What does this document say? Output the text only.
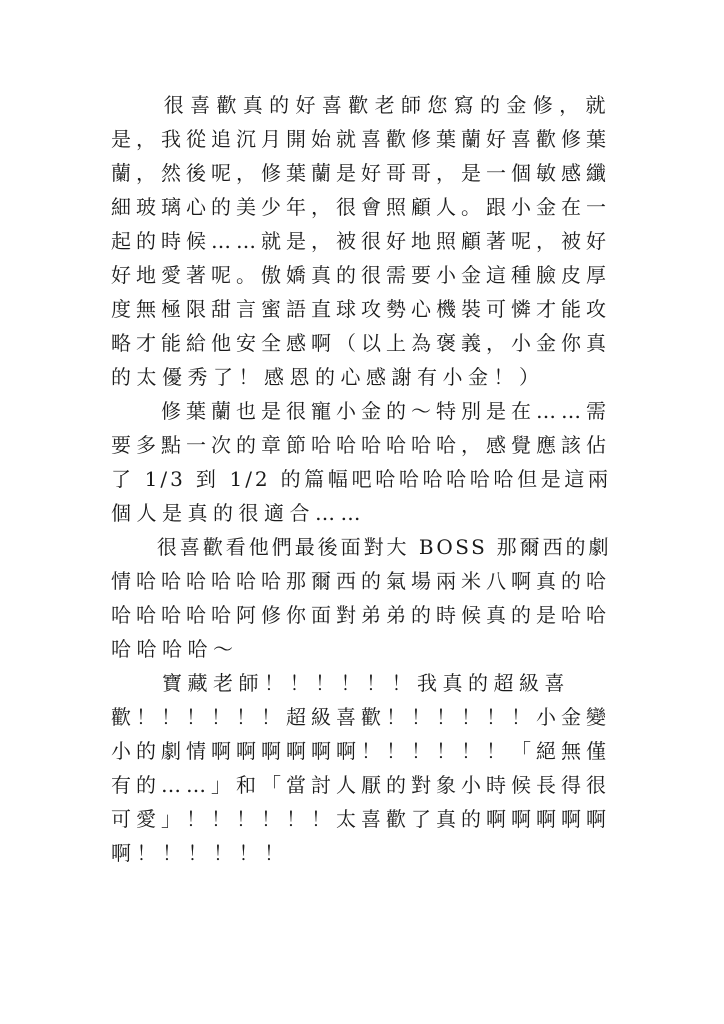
　　很喜歡真的好喜歡老師您寫的金修，就
是，我從追沉月開始就喜歡修葉蘭好喜歡修葉
蘭，然後呢，修葉蘭是好哥哥，是一個敏感纖
細玻璃心的美少年，很會照顧人。跟小金在一
起的時候……就是，被很好地照顧著呢，被好
好地愛著呢。傲嬌真的很需要小金這種臉皮厚
度無極限甜言蜜語直球攻勢心機裝可憐才能攻
略才能給他安全感啊（以上為褒義，小金你真
的太優秀了！感恩的心感謝有小金！）
　　修葉蘭也是很寵小金的～特別是在……需
要多點一次的章節哈哈哈哈哈哈，感覺應該佔
了 1/3 到 1/2 的篇幅吧哈哈哈哈哈哈但是這兩
個人是真的很適合……
　　很喜歡看他們最後面對大 BOSS 那爾西的劇
情哈哈哈哈哈哈那爾西的氣場兩米八啊真的哈
哈哈哈哈哈阿修你面對弟弟的時候真的是哈哈
哈哈哈哈～
　　寶藏老師！！！！！！我真的超級喜
歡！！！！！！超級喜歡！！！！！！小金變
小的劇情啊啊啊啊啊啊！！！！！！「絕無僅
有的……」和「當討人厭的對象小時候長得很
可愛」！！！！！！太喜歡了真的啊啊啊啊啊
啊！！！！！！
